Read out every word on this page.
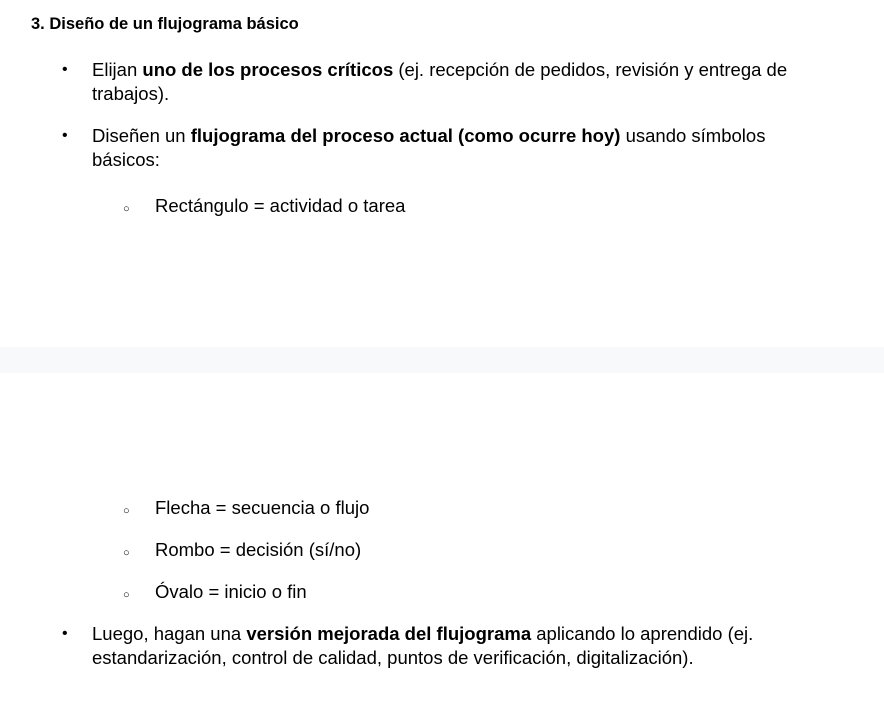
3. Diseño de un flujograma básico
• Elijan uno de los procesos críticos (ej. recepción de pedidos, revisión y entrega de trabajos).
• Diseñen un flujograma del proceso actual (como ocurre hoy) usando símbolos básicos:
○ Rectángulo = actividad o tarea
○ Flecha = secuencia o flujo
○ Rombo = decisión (sí/no)
○ Óvalo = inicio o fin
• Luego, hagan una versión mejorada del flujograma aplicando lo aprendido (ej. estandarización, control de calidad, puntos de verificación, digitalización).
